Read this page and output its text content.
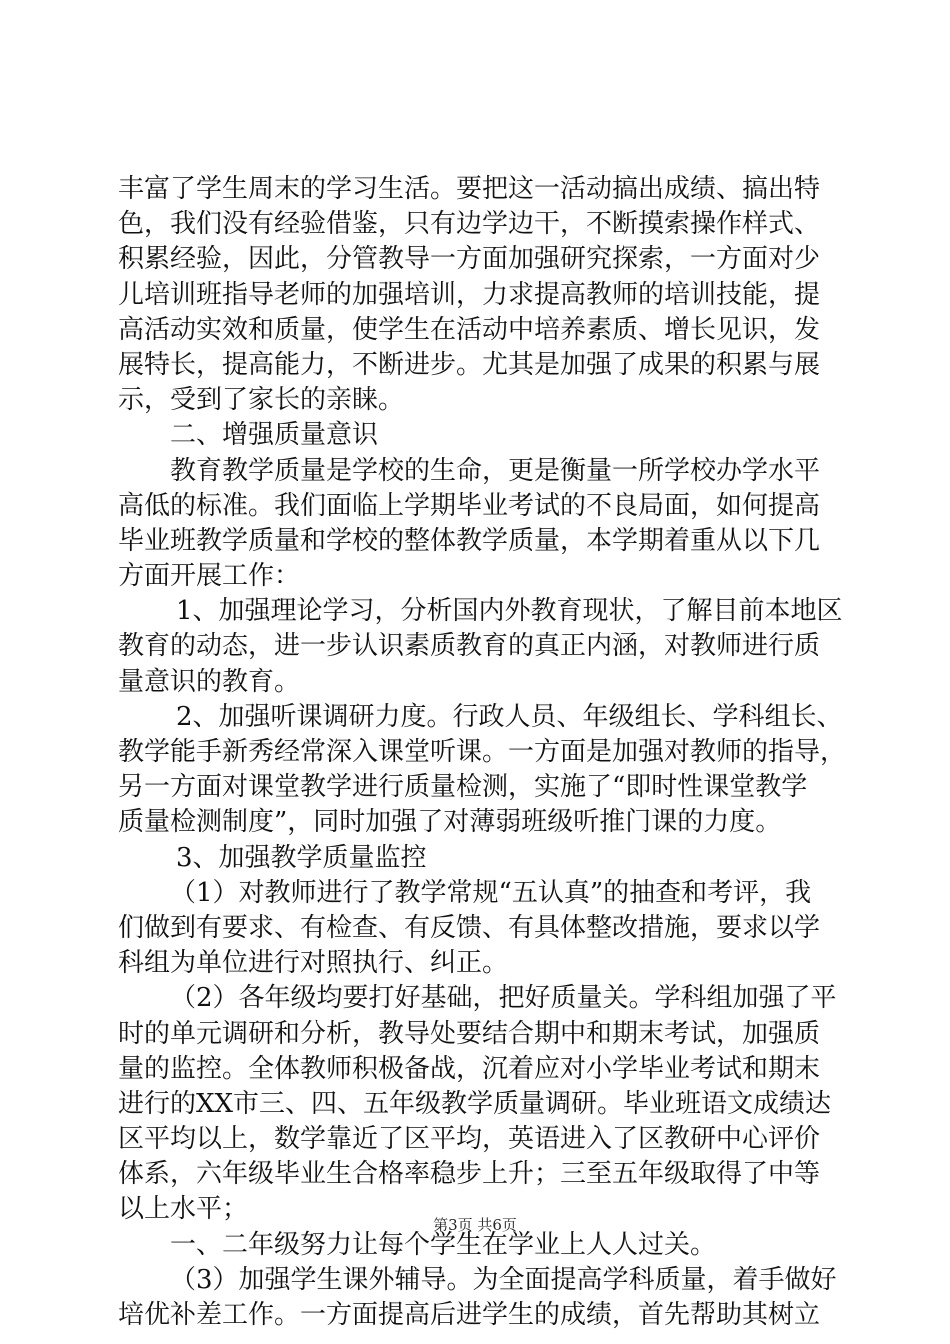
丰富了学生周末的学习生活。要把这一活动搞出成绩、搞出特
色，我们没有经验借鉴，只有边学边干，不断摸索操作样式、
积累经验，因此，分管教导一方面加强研究探索，一方面对少
儿培训班指导老师的加强培训，力求提高教师的培训技能，提
高活动实效和质量，使学生在活动中培养素质、增长见识，发
展特长，提高能力，不断进步。尤其是加强了成果的积累与展
示，受到了家长的亲睐。
二、增强质量意识
教育教学质量是学校的生命，更是衡量一所学校办学水平
高低的标准。我们面临上学期毕业考试的不良局面，如何提高
毕业班教学质量和学校的整体教学质量，本学期着重从以下几
方面开展工作：
1、加强理论学习，分析国内外教育现状，了解目前本地区
教育的动态，进一步认识素质教育的真正内涵，对教师进行质
量意识的教育。
2、加强听课调研力度。行政人员、年级组长、学科组长、
教学能手新秀经常深入课堂听课。一方面是加强对教师的指导，
另一方面对课堂教学进行质量检测，实施了“即时性课堂教学
质量检测制度”，同时加强了对薄弱班级听推门课的力度。
3、加强教学质量监控
（1）对教师进行了教学常规“五认真”的抽查和考评，我
们做到有要求、有检查、有反馈、有具体整改措施，要求以学
科组为单位进行对照执行、纠正。
（2）各年级均要打好基础，把好质量关。学科组加强了平
时的单元调研和分析，教导处要结合期中和期末考试，加强质
量的监控。全体教师积极备战，沉着应对小学毕业考试和期末
进行的XX市三、四、五年级教学质量调研。毕业班语文成绩达
区平均以上，数学靠近了区平均，英语进入了区教研中心评价
体系，六年级毕业生合格率稳步上升；三至五年级取得了中等
以上水平；
一、二年级努力让每个学生在学业上人人过关。
（3）加强学生课外辅导。为全面提高学科质量，着手做好
培优补差工作。一方面提高后进学生的成绩，首先帮助其树立
第3页 共6页
